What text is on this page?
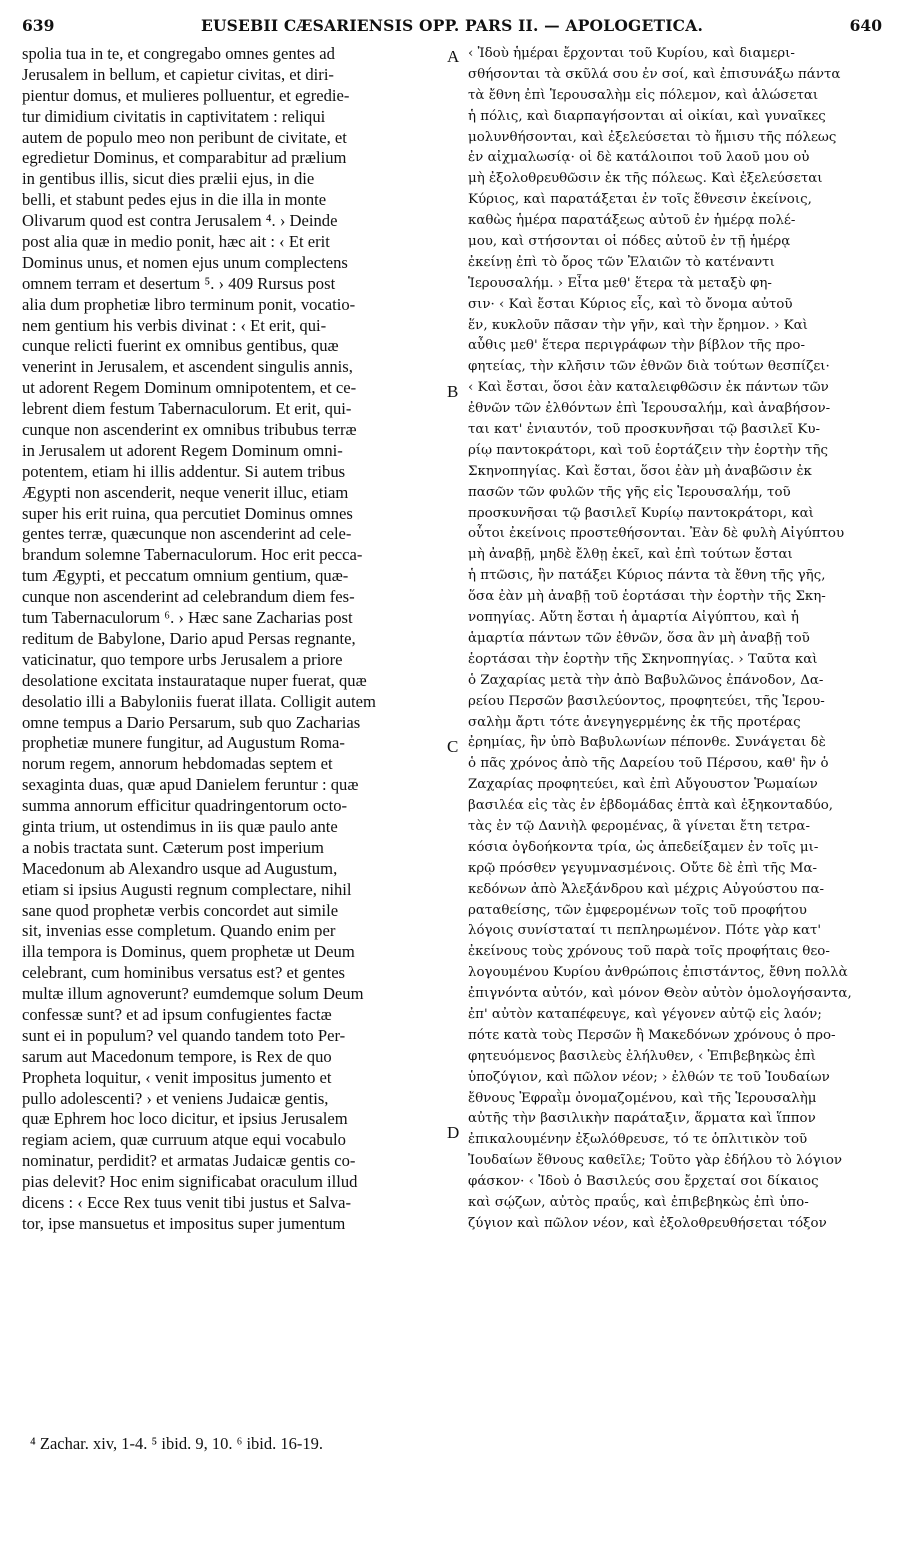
639	EUSEBII CÆSARIENSIS OPP. PARS II. — APOLOGETICA.	640
spolia tua in te, et congregabo omnes gentes ad
Jerusalem in bellum, et capietur civitas, et diri-
pientur domus, et mulieres polluentur, et egredie-
tur dimidium civitatis in captivitatem : reliqui
autem de populo meo non peribunt de civitate, et
egredietur Dominus, et comparabitur ad prælium
in gentibus illis, sicut dies prælii ejus, in die
belli, et stabunt pedes ejus in die illa in monte
Olivarum quod est contra Jerusalem ⁴. › Deinde
post alia quæ in medio ponit, hæc ait : ‹ Et erit
Dominus unus, et nomen ejus unum complectens
omnem terram et desertum ⁵. › 409 Rursus post
alia dum prophetiæ libro terminum ponit, vocatio-
nem gentium his verbis divinat : ‹ Et erit, qui-
cunque relicti fuerint ex omnibus gentibus, quæ
venerint in Jerusalem, et ascendent singulis annis,
ut adorent Regem Dominum omnipotentem, et ce-
lebrent diem festum Tabernaculorum. Et erit, qui-
cunque non ascenderint ex omnibus tribubus terræ
in Jerusalem ut adorent Regem Dominum omni-
potentem, etiam hi illis addentur. Si autem tribus
Ægypti non ascenderit, neque venerit illuc, etiam
super his erit ruina, qua percutiet Dominus omnes
gentes terræ, quæcunque non ascenderint ad cele-
brandum solemne Tabernaculorum. Hoc erit pecca-
tum Ægypti, et peccatum omnium gentium, quæ-
cunque non ascenderint ad celebrandum diem fes-
tum Tabernaculorum ⁶. › Hæc sane Zacharias post
reditum de Babylone, Dario apud Persas regnante,
vaticinatur, quo tempore urbs Jerusalem a priore
desolatione excitata instaurataque nuper fuerat, quæ
desolatio illi a Babyloniis fuerat illata. Colligit autem
omne tempus a Dario Persarum, sub quo Zacharias
prophetiæ munere fungitur, ad Augustum Roma-
norum regem, annorum hebdomadas septem et
sexaginta duas, quæ apud Danielem feruntur : quæ
summa annorum efficitur quadringentorum octo-
ginta trium, ut ostendimus in iis quæ paulo ante
a nobis tractata sunt. Cæterum post imperium
Macedonum ab Alexandro usque ad Augustum,
etiam si ipsius Augusti regnum complectare, nihil
sane quod prophetæ verbis concordet aut simile
sit, invenias esse completum. Quando enim per
illa tempora is Dominus, quem prophetæ ut Deum
celebrant, cum hominibus versatus est? et gentes
multæ illum agnoverunt? eumdemque solum Deum
confessæ sunt? et ad ipsum confugientes factæ
sunt ei in populum? vel quando tandem toto Per-
sarum aut Macedonum tempore, is Rex de quo
Propheta loquitur, ‹ venit impositus jumento et
pullo adolescenti? › et veniens Judaicæ gentis,
quæ Ephrem hoc loco dicitur, et ipsius Jerusalem
regiam aciem, quæ curruum atque equi vocabulo
nominatur, perdidit? et armatas Judaicæ gentis co-
pias delevit? Hoc enim significabat oraculum illud
dicens : ‹ Ecce Rex tuus venit tibi justus et Salva-
tor, ipse mansuetus et impositus super jumentum
‹ Ἰδοὺ ἡμέραι ἔρχονται τοῦ Κυρίου, καὶ διαμερι-
σθήσονται τὰ σκῦλά σου ἐν σοί, καὶ ἐπισυνάξω πάντα
τὰ ἔθνη ἐπὶ Ἱερουσαλὴμ εἰς πόλεμον, καὶ ἁλώσεται
ἡ πόλις, καὶ διαρπαγήσονται αἱ οἰκίαι, καὶ γυναῖκες
μολυνθήσονται, καὶ ἐξελεύσεται τὸ ἥμισυ τῆς πόλεως
ἐν αἰχμαλωσίᾳ· οἱ δὲ κατάλοιποι τοῦ λαοῦ μου οὐ
μὴ ἐξολοθρευθῶσιν ἐκ τῆς πόλεως. Καὶ ἐξελεύσεται
Κύριος, καὶ παρατάξεται ἐν τοῖς ἔθνεσιν ἐκείνοις,
καθὼς ἡμέρα παρατάξεως αὐτοῦ ἐν ἡμέρᾳ πολέ-
μου, καὶ στήσονται οἱ πόδες αὐτοῦ ἐν τῇ ἡμέρᾳ
ἐκείνῃ ἐπὶ τὸ ὄρος τῶν Ἐλαιῶν τὸ κατέναντι
Ἱερουσαλήμ. › Εἶτα μεθ' ἕτερα τὰ μεταξὺ φη-
σιν· ‹ Καὶ ἔσται Κύριος εἷς, καὶ τὸ ὄνομα αὐτοῦ
ἕν, κυκλοῦν πᾶσαν τὴν γῆν, καὶ τὴν ἔρημον. › Καὶ
αὖθις μεθ' ἕτερα περιγράφων τὴν βίβλον τῆς προ-
φητείας, τὴν κλῆσιν τῶν ἐθνῶν διὰ τούτων θεσπίζει·
‹ Καὶ ἔσται, ὅσοι ἐὰν καταλειφθῶσιν ἐκ πάντων τῶν
ἐθνῶν τῶν ἐλθόντων ἐπὶ Ἱερουσαλήμ, καὶ ἀναβήσον-
ται κατ' ἐνιαυτόν, τοῦ προσκυνῆσαι τῷ βασιλεῖ Κυ-
ρίῳ παντοκράτορι, καὶ τοῦ ἑορτάζειν τὴν ἑορτὴν τῆς
Σκηνοπηγίας. Καὶ ἔσται, ὅσοι ἐὰν μὴ ἀναβῶσιν ἐκ
πασῶν τῶν φυλῶν τῆς γῆς εἰς Ἱερουσαλήμ, τοῦ
προσκυνῆσαι τῷ βασιλεῖ Κυρίῳ παντοκράτορι, καὶ
οὗτοι ἐκείνοις προστεθήσονται. Ἐὰν δὲ φυλὴ Αἰγύπτου
μὴ ἀναβῇ, μηδὲ ἔλθῃ ἐκεῖ, καὶ ἐπὶ τούτων ἔσται
ἡ πτῶσις, ἣν πατάξει Κύριος πάντα τὰ ἔθνη τῆς γῆς,
ὅσα ἐὰν μὴ ἀναβῇ τοῦ ἑορτάσαι τὴν ἑορτὴν τῆς Σκη-
νοπηγίας. Αὕτη ἔσται ἡ ἁμαρτία Αἰγύπτου, καὶ ἡ
ἁμαρτία πάντων τῶν ἐθνῶν, ὅσα ἂν μὴ ἀναβῇ τοῦ
ἑορτάσαι τὴν ἑορτὴν τῆς Σκηνοπηγίας. › Ταῦτα καὶ
ὁ Ζαχαρίας μετὰ τὴν ἀπὸ Βαβυλῶνος ἐπάνοδον, Δα-
ρείου Περσῶν βασιλεύοντος, προφητεύει, τῆς Ἱερου-
σαλὴμ ἄρτι τότε ἀνεγηγερμένης ἐκ τῆς προτέρας
ἐρημίας, ἣν ὑπὸ Βαβυλωνίων πέπονθε. Συνάγεται δὲ
ὁ πᾶς χρόνος ἀπὸ τῆς Δαρείου τοῦ Πέρσου, καθ' ἣν ὁ
Ζαχαρίας προφητεύει, καὶ ἐπὶ Αὔγουστον Ῥωμαίων
βασιλέα εἰς τὰς ἐν ἑβδομάδας ἑπτὰ καὶ ἑξηκονταδύο,
τὰς ἐν τῷ Δανιὴλ φερομένας, ἃ γίνεται ἔτη τετρα-
κόσια ὀγδοήκοντα τρία, ὡς ἀπεδείξαμεν ἐν τοῖς μι-
κρῷ πρόσθεν γεγυμνασμένοις. Οὔτε δὲ ἐπὶ τῆς Μα-
κεδόνων ἀπὸ Ἀλεξάνδρου καὶ μέχρις Αὐγούστου πα-
ραταθείσης, τῶν ἐμφερομένων τοῖς τοῦ προφήτου
λόγοις συνίσταταί τι πεπληρωμένον. Πότε γὰρ κατ'
ἐκείνους τοὺς χρόνους τοῦ παρὰ τοῖς προφήταις θεο-
λογουμένου Κυρίου ἀνθρώποις ἐπιστάντος, ἔθνη πολλὰ
ἐπιγνόντα αὐτόν, καὶ μόνον Θεὸν αὐτὸν ὁμολογήσαντα,
ἐπ' αὐτὸν καταπέφευγε, καὶ γέγονεν αὐτῷ εἰς λαόν;
πότε κατὰ τοὺς Περσῶν ἢ Μακεδόνων χρόνους ὁ προ-
φητευόμενος βασιλεὺς ἐλήλυθεν, ‹ Ἐπιβεβηκὼς ἐπὶ
ὑποζύγιον, καὶ πῶλον νέον; › ἐλθών τε τοῦ Ἰουδαίων
ἔθνους Ἐφραῒμ ὀνομαζομένου, καὶ τῆς Ἱερουσαλὴμ
αὐτῆς τὴν βασιλικὴν παράταξιν, ἅρματα καὶ ἵππον
ἐπικαλουμένην ἐξωλόθρευσε, τό τε ὁπλιτικὸν τοῦ
Ἰουδαίων ἔθνους καθεῖλε; Τοῦτο γὰρ ἐδήλου τὸ λόγιον
φάσκον· ‹ Ἰδοὺ ὁ Βασιλεύς σου ἔρχεταί σοι δίκαιος
καὶ σῴζων, αὐτὸς πραΰς, καὶ ἐπιβεβηκὼς ἐπὶ ὑπο-
ζύγιον καὶ πῶλον νέον, καὶ ἐξολοθρευθήσεται τόξον
A
B
C
D
⁴ Zachar. xiv, 1-4. ⁵ ibid. 9, 10. ⁶ ibid. 16-19.
